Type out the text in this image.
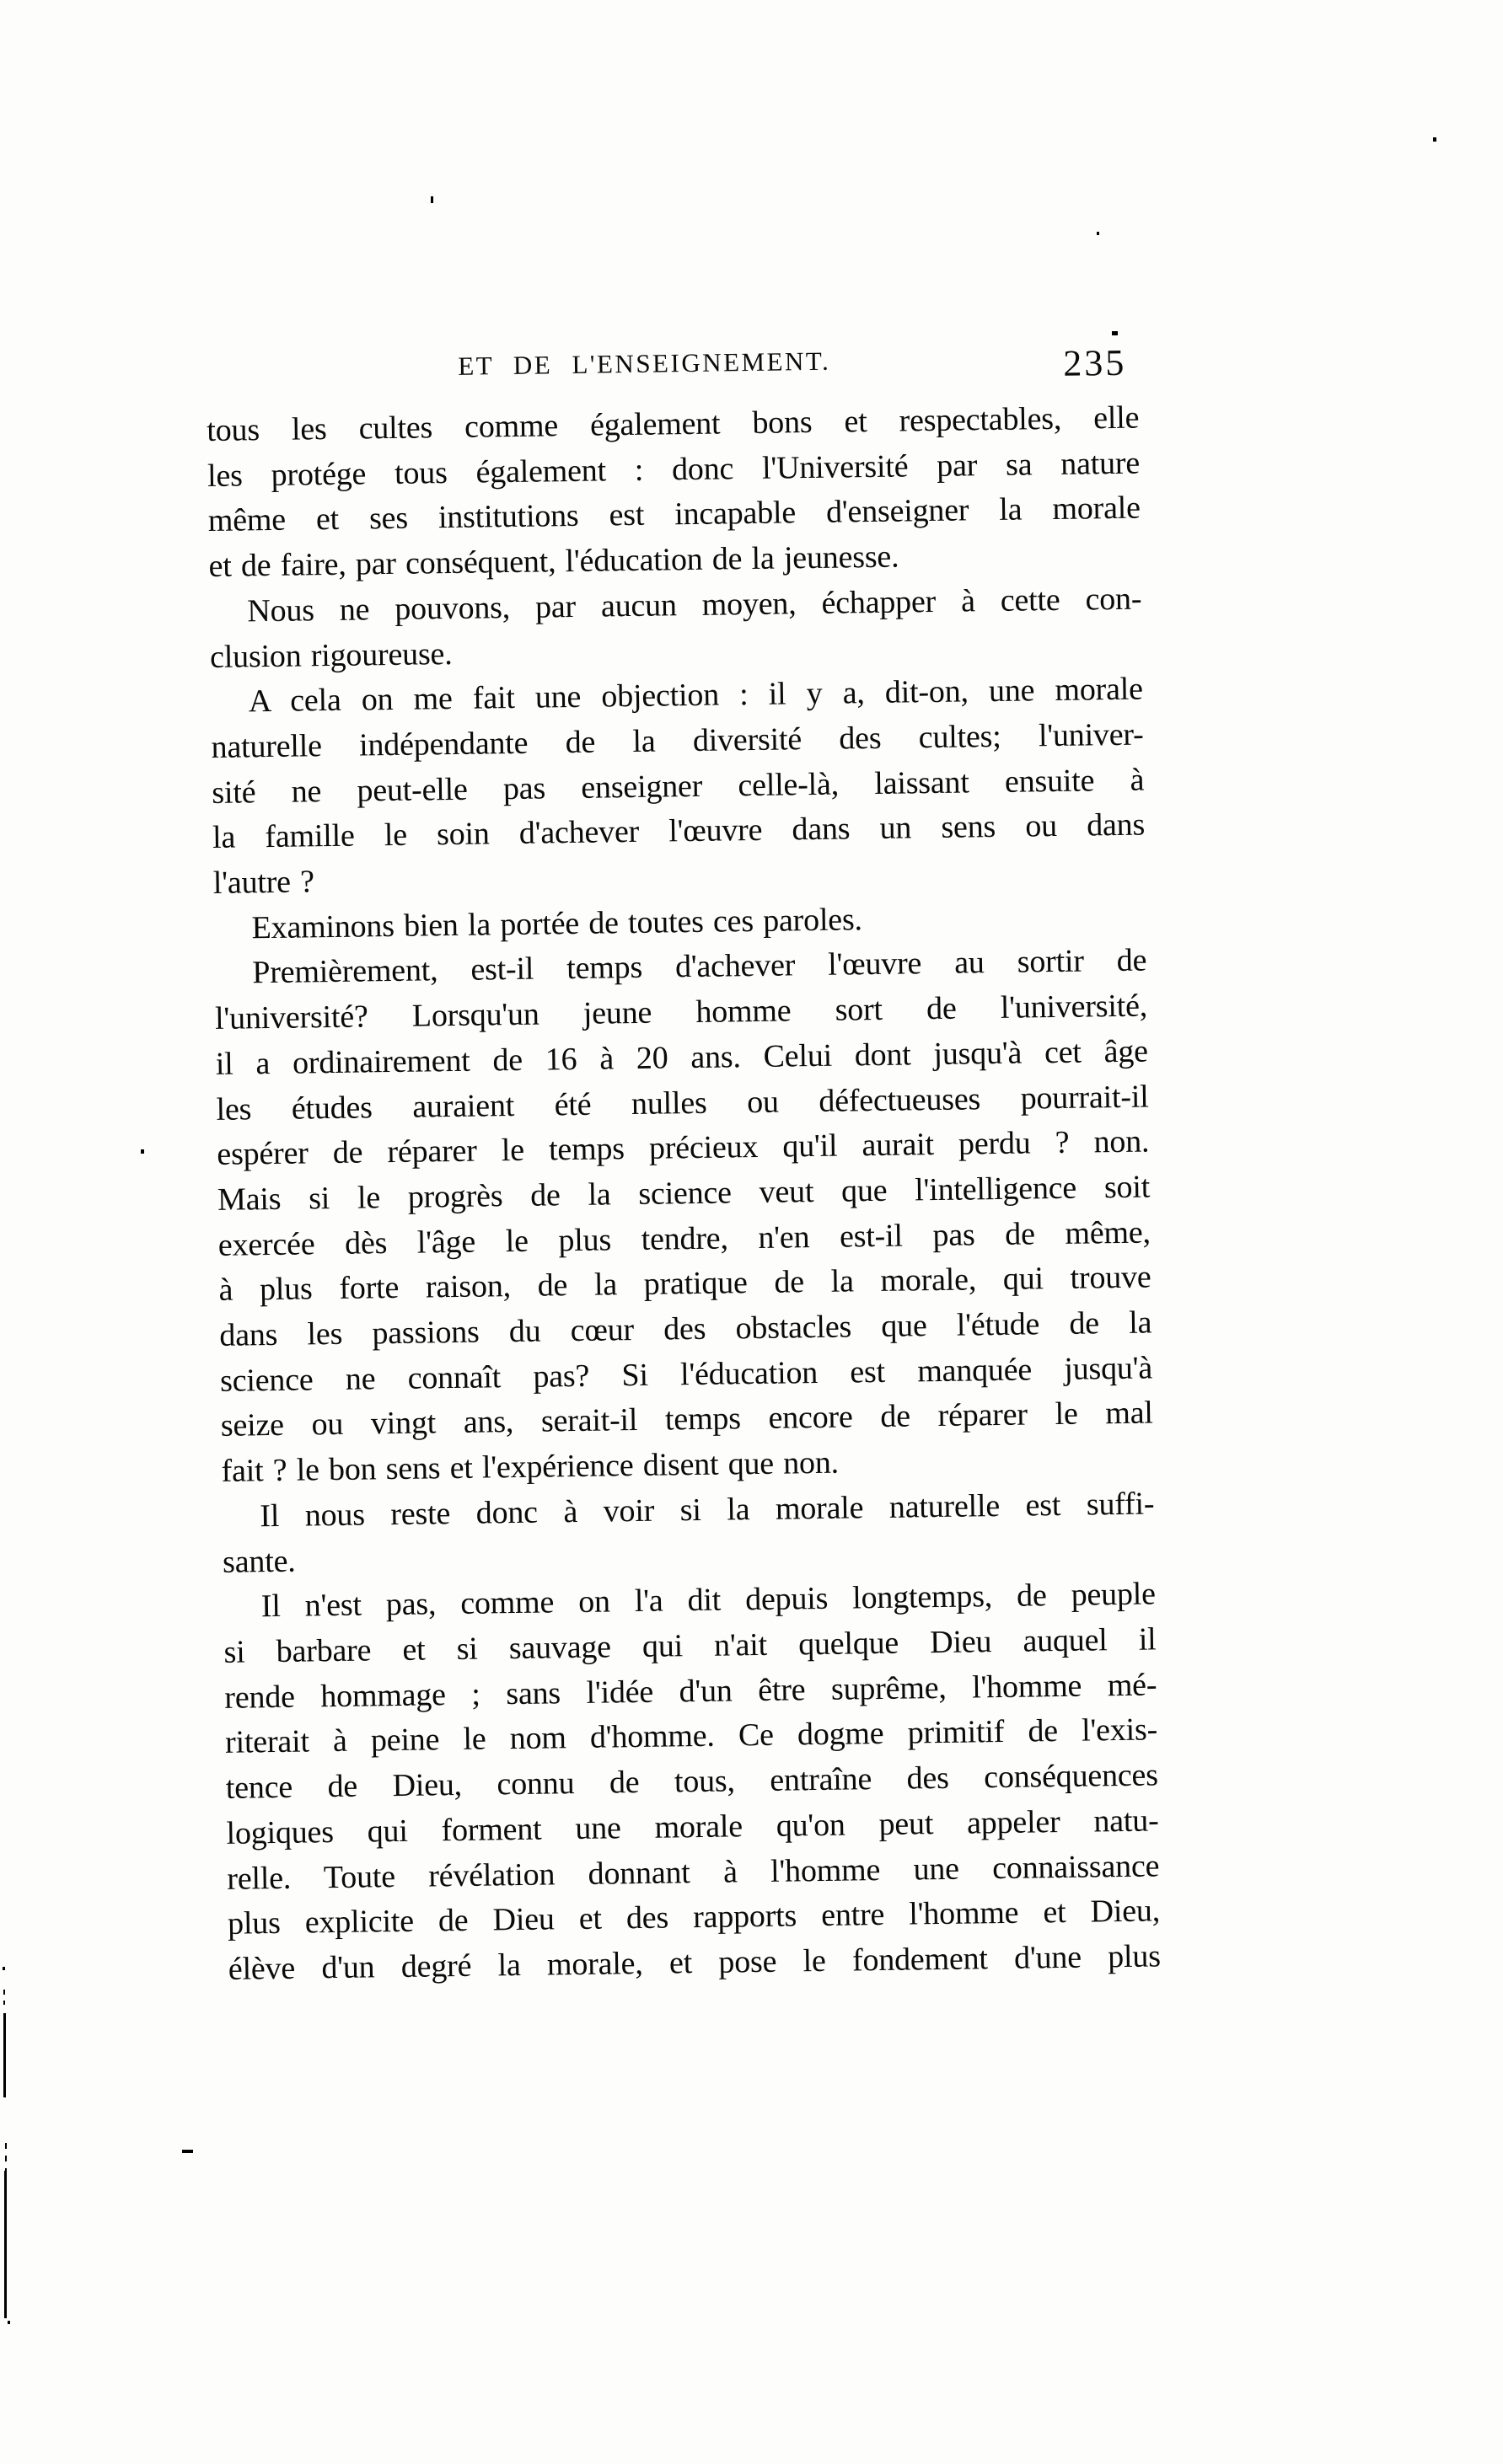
ET DE L'ENSEIGNEMENT.	235
tous les cultes comme également bons et respectables, elle
les protége tous également : donc l'Université par sa nature
même et ses institutions est incapable d'enseigner la morale
et de faire, par conséquent, l'éducation de la jeunesse.
Nous ne pouvons, par aucun moyen, échapper à cette con-
clusion rigoureuse.
A cela on me fait une objection : il y a, dit-on, une morale
naturelle indépendante de la diversité des cultes; l'univer-
sité ne peut-elle pas enseigner celle-là, laissant ensuite à
la famille le soin d'achever l'œuvre dans un sens ou dans
l'autre ?
Examinons bien la portée de toutes ces paroles.
Premièrement, est-il temps d'achever l'œuvre au sortir de
l'université? Lorsqu'un jeune homme sort de l'université,
il a ordinairement de 16 à 20 ans. Celui dont jusqu'à cet âge
les études auraient été nulles ou défectueuses pourrait-il
espérer de réparer le temps précieux qu'il aurait perdu ? non.
Mais si le progrès de la science veut que l'intelligence soit
exercée dès l'âge le plus tendre, n'en est-il pas de même,
à plus forte raison, de la pratique de la morale, qui trouve
dans les passions du cœur des obstacles que l'étude de la
science ne connaît pas? Si l'éducation est manquée jusqu'à
seize ou vingt ans, serait-il temps encore de réparer le mal
fait ? le bon sens et l'expérience disent que non.
Il nous reste donc à voir si la morale naturelle est suffi-
sante.
Il n'est pas, comme on l'a dit depuis longtemps, de peuple
si barbare et si sauvage qui n'ait quelque Dieu auquel il
rende hommage ; sans l'idée d'un être suprême, l'homme mé-
riterait à peine le nom d'homme. Ce dogme primitif de l'exis-
tence de Dieu, connu de tous, entraîne des conséquences
logiques qui forment une morale qu'on peut appeler natu-
relle. Toute révélation donnant à l'homme une connaissance
plus explicite de Dieu et des rapports entre l'homme et Dieu,
élève d'un degré la morale, et pose le fondement d'une plus
